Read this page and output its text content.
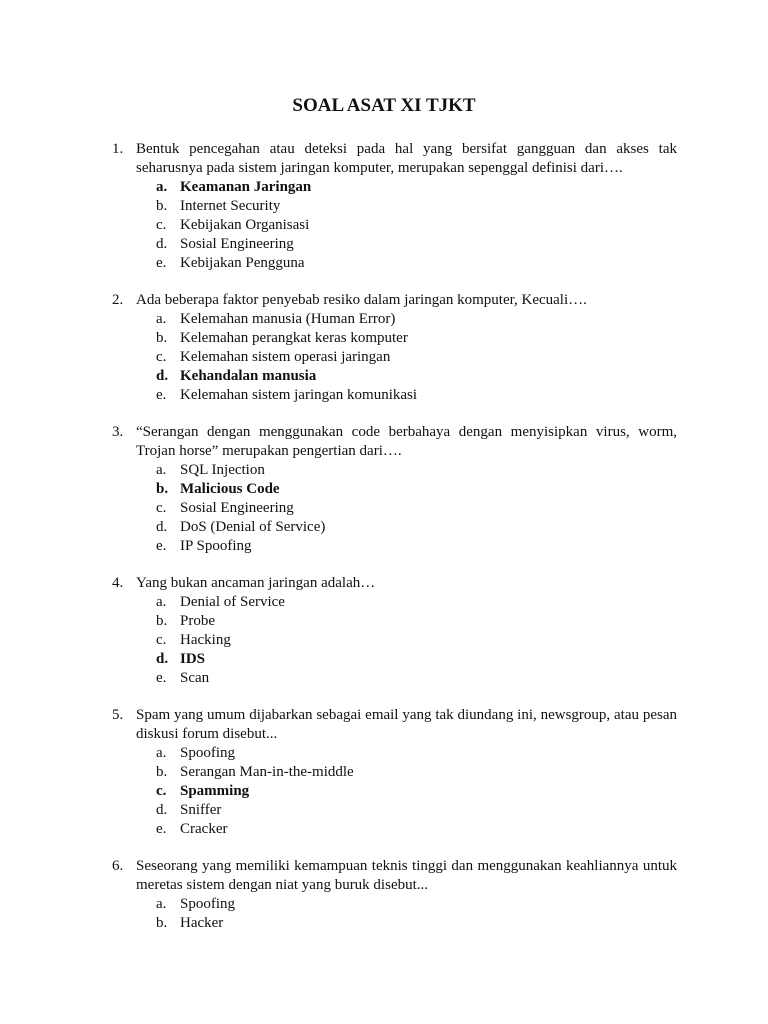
SOAL ASAT XI TJKT
1. Bentuk pencegahan atau deteksi pada hal yang bersifat gangguan dan akses tak seharusnya pada sistem jaringan komputer, merupakan sepenggal definisi dari….
a. Keamanan Jaringan
b. Internet Security
c. Kebijakan Organisasi
d. Sosial Engineering
e. Kebijakan Pengguna
2. Ada beberapa faktor penyebab resiko dalam jaringan komputer, Kecuali….
a. Kelemahan manusia (Human Error)
b. Kelemahan perangkat keras komputer
c. Kelemahan sistem operasi jaringan
d. Kehandalan manusia
e. Kelemahan sistem jaringan komunikasi
3. “Serangan dengan menggunakan code berbahaya dengan menyisipkan virus, worm, Trojan horse” merupakan pengertian dari….
a. SQL Injection
b. Malicious Code
c. Sosial Engineering
d. DoS (Denial of Service)
e. IP Spoofing
4. Yang bukan ancaman jaringan adalah…
a. Denial of Service
b. Probe
c. Hacking
d. IDS
e. Scan
5. Spam yang umum dijabarkan sebagai email yang tak diundang ini, newsgroup, atau pesan diskusi forum disebut...
a. Spoofing
b. Serangan Man-in-the-middle
c. Spamming
d. Sniffer
e. Cracker
6. Seseorang yang memiliki kemampuan teknis tinggi dan menggunakan keahliannya untuk meretas sistem dengan niat yang buruk disebut...
a. Spoofing
b. Hacker
